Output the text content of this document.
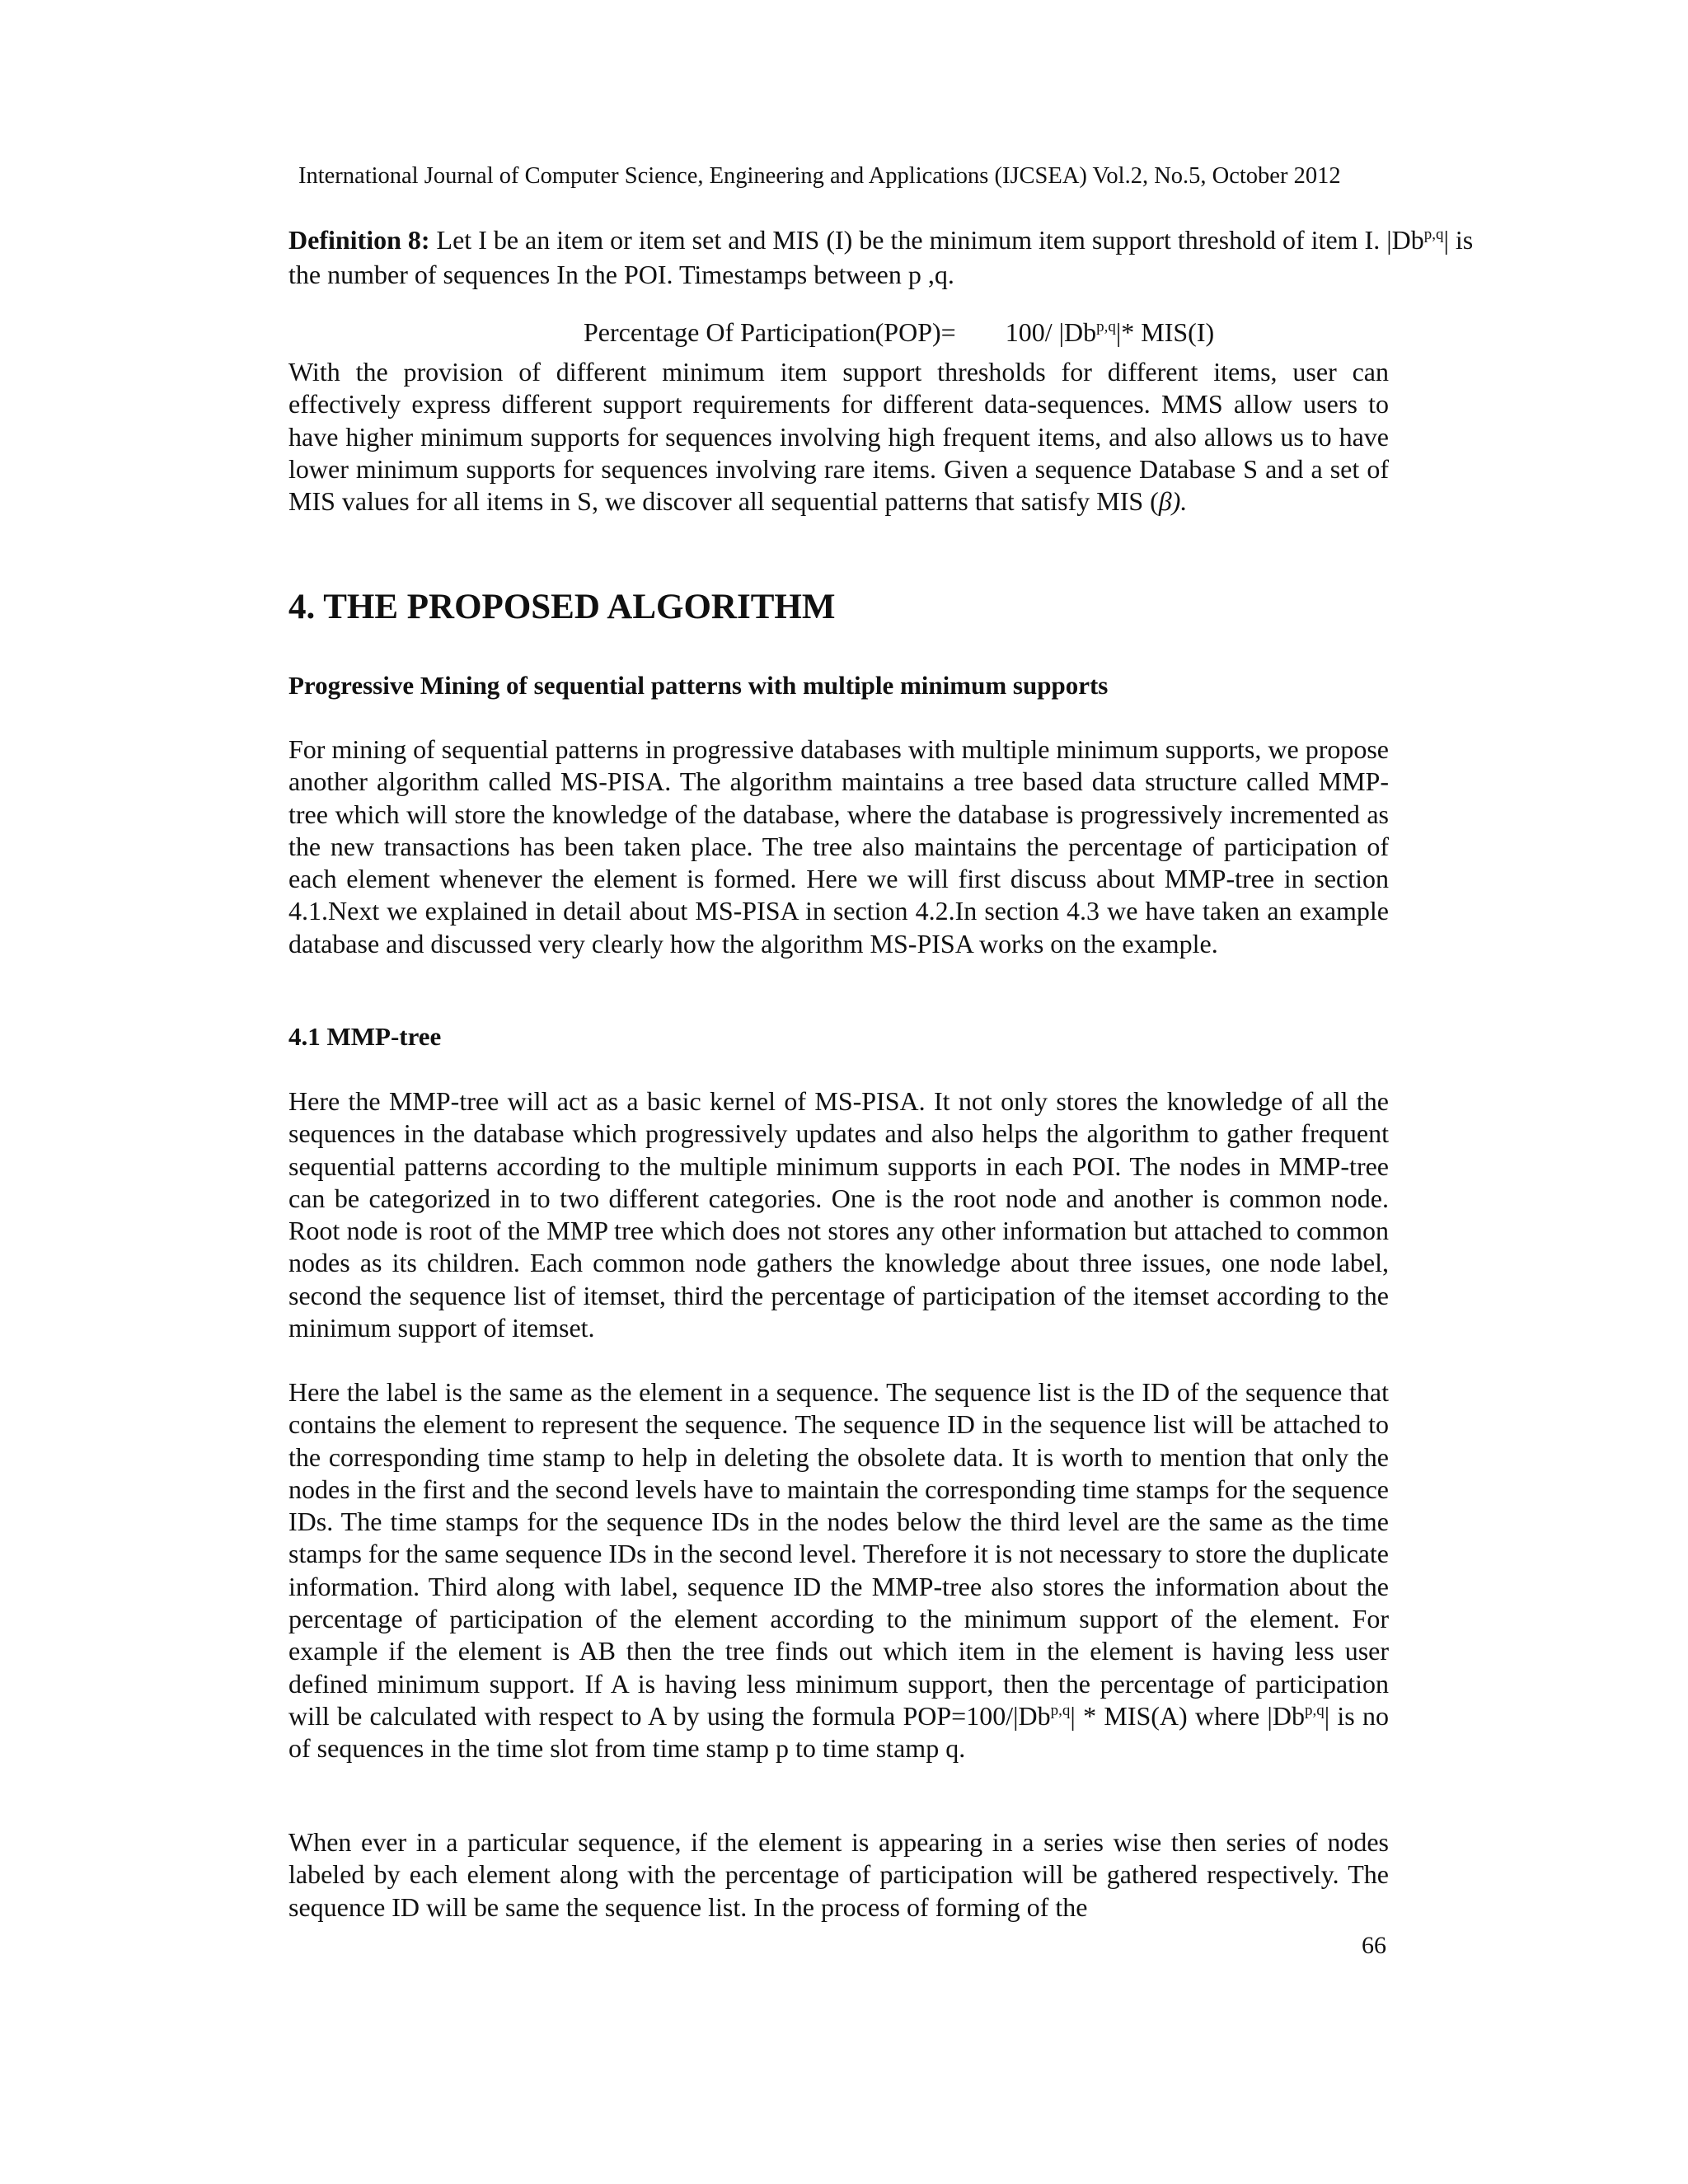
International Journal of Computer Science, Engineering and Applications (IJCSEA) Vol.2, No.5, October 2012
Definition 8: Let I be an item or item set and MIS (I) be the minimum item support threshold of item I. |Db$^{p,q}$| is
the number of sequences In the POI. Timestamps between p ,q.
Percentage Of Participation(POP)= 100/ |Db$^{p,q}$|* MIS(I)

With the provision of different minimum item support thresholds for different items, user can effectively express different support requirements for different data-sequences. MMS allow users to have higher minimum supports for sequences involving high frequent items, and also allows us to have lower minimum supports for sequences involving rare items. Given a sequence Database S and a set of MIS values for all items in S, we discover all sequential patterns that satisfy MIS (β).

4. THE PROPOSED ALGORITHM
Progressive Mining of sequential patterns with multiple minimum supports

For mining of sequential patterns in progressive databases with multiple minimum supports, we propose another algorithm called MS-PISA. The algorithm maintains a tree based data structure called MMP-tree which will store the knowledge of the database, where the database is progressively incremented as the new transactions has been taken place. The tree also maintains the percentage of participation of each element whenever the element is formed. Here we will first discuss about MMP-tree in section 4.1.Next we explained in detail about MS-PISA in section 4.2.In section 4.3 we have taken an example database and discussed very clearly how the algorithm MS-PISA works on the example.

4.1 MMP-tree

Here the MMP-tree will act as a basic kernel of MS-PISA. It not only stores the knowledge of all the sequences in the database which progressively updates and also helps the algorithm to gather frequent sequential patterns according to the multiple minimum supports in each POI. The nodes in MMP-tree can be categorized in to two different categories. One is the root node and another is common node. Root node is root of the MMP tree which does not stores any other information but attached to common nodes as its children. Each common node gathers the knowledge about three issues, one node label, second the sequence list of itemset, third the percentage of participation of the itemset according to the minimum support of itemset.

Here the label is the same as the element in a sequence. The sequence list is the ID of the sequence that contains the element to represent the sequence. The sequence ID in the sequence list will be attached to the corresponding time stamp to help in deleting the obsolete data. It is worth to mention that only the nodes in the first and the second levels have to maintain the corresponding time stamps for the sequence IDs. The time stamps for the sequence IDs in the nodes below the third level are the same as the time stamps for the same sequence IDs in the second level. Therefore it is not necessary to store the duplicate information. Third along with label, sequence ID the MMP-tree also stores the information about the percentage of participation of the element according to the minimum support of the element. For example if the element is AB then the tree finds out which item in the element is having less user defined minimum support. If A is having less minimum support, then the percentage of participation will be calculated with respect to A by using the formula POP=100/|Db$^{p,q}$| * MIS(A) where |Db$^{p,q}$| is no of sequences in the time slot from time stamp p to time stamp q.

When ever in a particular sequence, if the element is appearing in a series wise then series of nodes labeled by each element along with the percentage of participation will be gathered respectively. The sequence ID will be same the sequence list. In the process of forming of the

66
